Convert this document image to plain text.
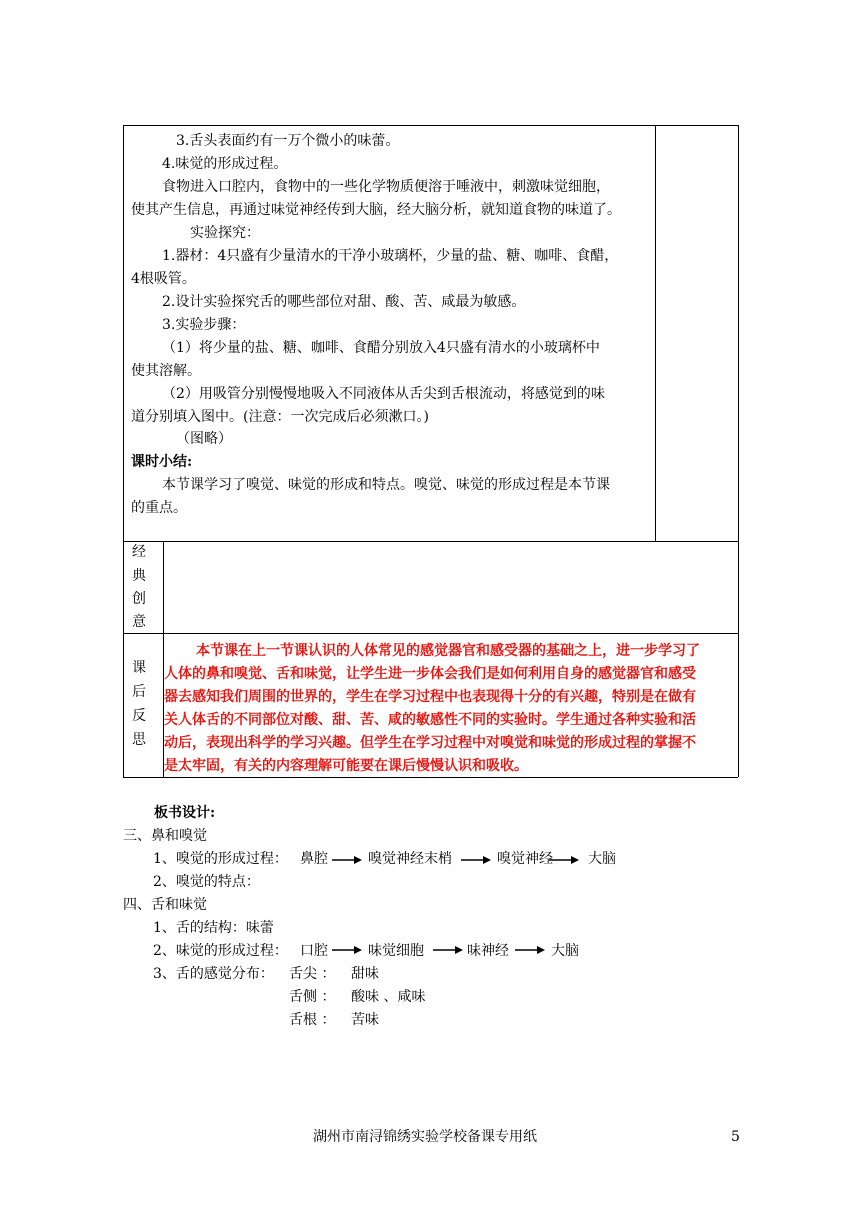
3.舌头表面约有一万个微小的味蕾。
4.味觉的形成过程。
食物进入口腔内，食物中的一些化学物质便溶于唾液中，刺激味觉细胞，
使其产生信息，再通过味觉神经传到大脑，经大脑分析，就知道食物的味道了。
实验探究：
1.器材：4只盛有少量清水的干净小玻璃杯，少量的盐、糖、咖啡、食醋，
4根吸管。
2.设计实验探究舌的哪些部位对甜、酸、苦、咸最为敏感。
3.实验步骤：
（1）将少量的盐、糖、咖啡、食醋分别放入4只盛有清水的小玻璃杯中
使其溶解。
（2）用吸管分别慢慢地吸入不同液体从舌尖到舌根流动，将感觉到的味
道分别填入图中。(注意：一次完成后必须漱口。)
（图略）
课时小结:
本节课学习了嗅觉、味觉的形成和特点。嗅觉、味觉的形成过程是本节课
的重点。
经
典
创
意
课
后
反
思
本节课在上一节课认识的人体常见的感觉器官和感受器的基础之上，进一步学习了
人体的鼻和嗅觉、舌和味觉，让学生进一步体会我们是如何利用自身的感觉器官和感受
器去感知我们周围的世界的，学生在学习过程中也表现得十分的有兴趣，特别是在做有
关人体舌的不同部位对酸、甜、苦、咸的敏感性不同的实验时。学生通过各种实验和活
动后，表现出科学的学习兴趣。但学生在学习过程中对嗅觉和味觉的形成过程的掌握不
是太牢固，有关的内容理解可能要在课后慢慢认识和吸收。
板书设计:
三、鼻和嗅觉
1、嗅觉的形成过程： 鼻腔	嗅觉神经末梢	嗅觉神经	大脑
2、嗅觉的特点：
四、舌和味觉
1、舌的结构：味蕾
2、味觉的形成过程： 口腔	味觉细胞	味神经	大脑
3、舌的感觉分布： 舌尖 ： 甜味
舌侧 ： 酸味 、咸味
舌根 ： 苦味
湖州市南浔锦绣实验学校备课专用纸	5
